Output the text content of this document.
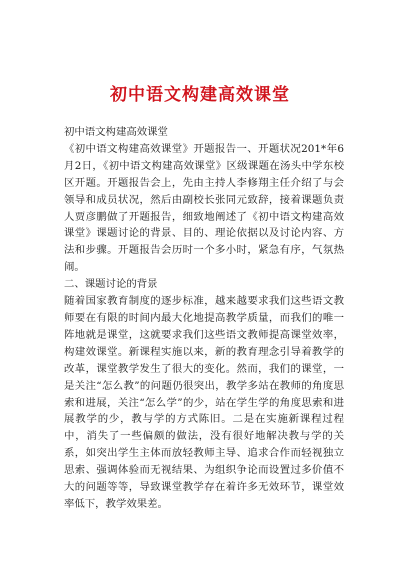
初中语文构建高效课堂

初中语文构建高效课堂

《初中语文构建高效课堂》开题报告一、开题状况201*年6月2日，《初中语文构建高效课堂》区级课题在汤头中学东校区开题。开题报告会上，先由主持人李修翔主任介绍了与会领导和成员状况，然后由副校长张同元致辞，接着课题负责人贾彦鹏做了开题报告，细致地阐述了《初中语文构建高效课堂》课题讨论的背景、目的、理论依据以及讨论内容、方法和步骤。开题报告会历时一个多小时，紧急有序，气氛热闹。

二、课题讨论的背景

随着国家教育制度的逐步标准，越来越要求我们这些语文教师要在有限的时间内最大化地提高教学质量，而我们的唯一阵地就是课堂，这就要求我们这些语文教师提高课堂效率，构建效课堂。新课程实施以来，新的教育理念引导着教学的改革，课堂教学发生了很大的变化。然而，我们的课堂，一是关注“怎么教”的问题仍很突出，教学多站在教师的角度思索和进展，关注“怎么学”的少，站在学生学的角度思索和进展教学的少，教与学的方式陈旧。二是在实施新课程过程中，消失了一些偏颇的做法，没有很好地解决教与学的关系，如突出学生主体而放轻教师主导、追求合作而轻视独立思索、强调体验而无视结果、为组织争论而设置过多价值不大的问题等等，导致课堂教学存在着许多无效环节，课堂效率低下，教学效果差。
